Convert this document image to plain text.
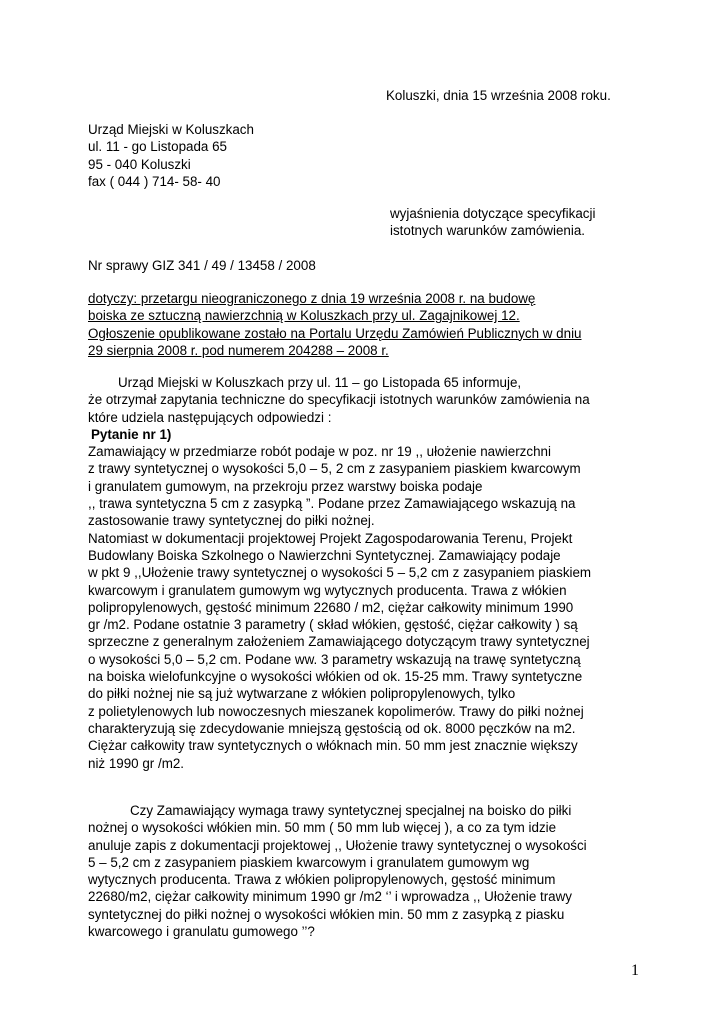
Koluszki, dnia 15 września 2008 roku.
Urząd Miejski w Koluszkach
ul. 11 - go Listopada 65
95 - 040 Koluszki
fax ( 044 ) 714- 58- 40
wyjaśnienia dotyczące specyfikacji
istotnych warunków zamówienia.
Nr sprawy GIZ 341 / 49 / 13458 / 2008
dotyczy: przetargu nieograniczonego z dnia 19 września 2008 r. na budowę
boiska ze sztuczną nawierzchnią w Koluszkach przy ul. Zagajnikowej 12.
Ogłoszenie opublikowane zostało na Portalu Urzędu Zamówień Publicznych w dniu
29 sierpnia 2008 r. pod numerem 204288 – 2008 r.
Urząd Miejski w Koluszkach przy ul. 11 – go Listopada 65 informuje,
że otrzymał zapytania techniczne do specyfikacji istotnych warunków zamówienia na
które udziela następujących odpowiedzi :
Pytanie nr 1)
Zamawiający w przedmiarze robót podaje w poz. nr 19 ,, ułożenie nawierzchni
z trawy syntetycznej o wysokości 5,0 – 5, 2 cm z zasypaniem piaskiem kwarcowym
i granulatem gumowym, na przekroju przez warstwy boiska podaje
,, trawa syntetyczna 5 cm z zasypką ”. Podane przez Zamawiającego wskazują na
zastosowanie trawy syntetycznej do piłki nożnej.
Natomiast w dokumentacji projektowej Projekt Zagospodarowania Terenu, Projekt
Budowlany Boiska Szkolnego o Nawierzchni Syntetycznej. Zamawiający podaje
w pkt 9 ,,Ułożenie trawy syntetycznej o wysokości 5 – 5,2 cm z zasypaniem piaskiem
kwarcowym i granulatem gumowym wg wytycznych producenta. Trawa z włókien
polipropylenowych, gęstość minimum 22680 / m2, ciężar całkowity minimum 1990
gr /m2. Podane ostatnie 3 parametry ( skład włókien, gęstość, ciężar całkowity ) są
sprzeczne z generalnym założeniem Zamawiającego dotyczącym trawy syntetycznej
o wysokości 5,0 – 5,2 cm. Podane ww. 3 parametry wskazują na trawę syntetyczną
na boiska wielofunkcyjne o wysokości włókien od ok. 15-25 mm. Trawy syntetyczne
do piłki nożnej nie są już wytwarzane z włókien polipropylenowych, tylko
z polietylenowych lub nowoczesnych mieszanek kopolimerów. Trawy do piłki nożnej
charakteryzują się zdecydowanie mniejszą gęstością od ok. 8000 pęczków na m2.
Ciężar całkowity traw syntetycznych o włóknach min. 50 mm jest znacznie większy
niż 1990 gr /m2.
Czy Zamawiający wymaga trawy syntetycznej specjalnej na boisko do piłki
nożnej o wysokości włókien min. 50 mm ( 50 mm lub więcej ), a co za tym idzie
anuluje zapis z dokumentacji projektowej ,, Ułożenie trawy syntetycznej o wysokości
5 – 5,2 cm z zasypaniem piaskiem kwarcowym i granulatem gumowym wg
wytycznych producenta. Trawa z włókien polipropylenowych, gęstość minimum
22680/m2, ciężar całkowity minimum 1990 gr /m2 ‘’ i wprowadza ,, Ułożenie trawy
syntetycznej do piłki nożnej o wysokości włókien min. 50 mm z zasypką z piasku
kwarcowego i granulatu gumowego ’’?
1
